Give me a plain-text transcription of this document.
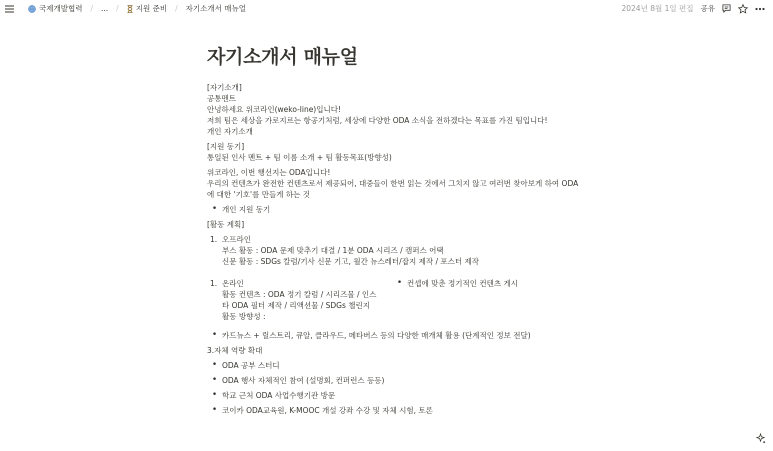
국제개발협력 / ... / 지원 준비 / 자기소개서 매뉴얼	2024년 8월 1일 편집 공유
자기소개서 매뉴얼

[자기소개]

공통멘트

안녕하세요 위코라인(weko-line)입니다!

저희 팀은 세상을 가로지르는 항공기처럼, 세상에 다양한 ODA 소식을 전하겠다는 목표를 가진 팀입니다!

개인 자기소개

[지원 동기]

통일된 인사 멘트 + 팀 이름 소개 + 팀 활동목표(방향성)

위코라인, 이번 행선지는 ODA입니다!

우리의 컨텐츠가 완전한 컨텐츠로서 제공되어, 대중들이 한번 읽는 것에서 그치지 않고 여러번 찾아보게 하여 ODA

에 대한 '기호'를 만들게 하는 것

• 개인 지원 동기

[활동 계획]

1. 오프라인

부스 활동 : ODA 문제 맞추기 대결 / 1분 ODA 시리즈 / 캠퍼스 어택

신문 활동 : SDGs 칼럼/기사 신문 기고, 월간 뉴스레터/잡지 제작 / 포스터 제작

1. 온라인

활동 컨텐츠 : ODA 정기 칼럼 / 시리즈물 / 인스

타 ODA 필터 제작 / 리액션물 / SDGs 챌린지

활동 방향성 :

• 컨셉에 맞춘 정기적인 컨텐츠 게시
• 카드뉴스 + 릴스트리, 큐알, 클라우드, 메타버스 등의 다양한 매개체 활용 (단계적인 정보 전달)

3.자체 역량 확대

• ODA 공부 스터디
• ODA 행사 자체적인 참여 (설명회, 컨퍼런스 등등)
• 학교 근처 ODA 사업수행기관 방문
• 코이카 ODA교육원, K-MOOC 개설 강좌 수강 및 자체 시험, 토론
